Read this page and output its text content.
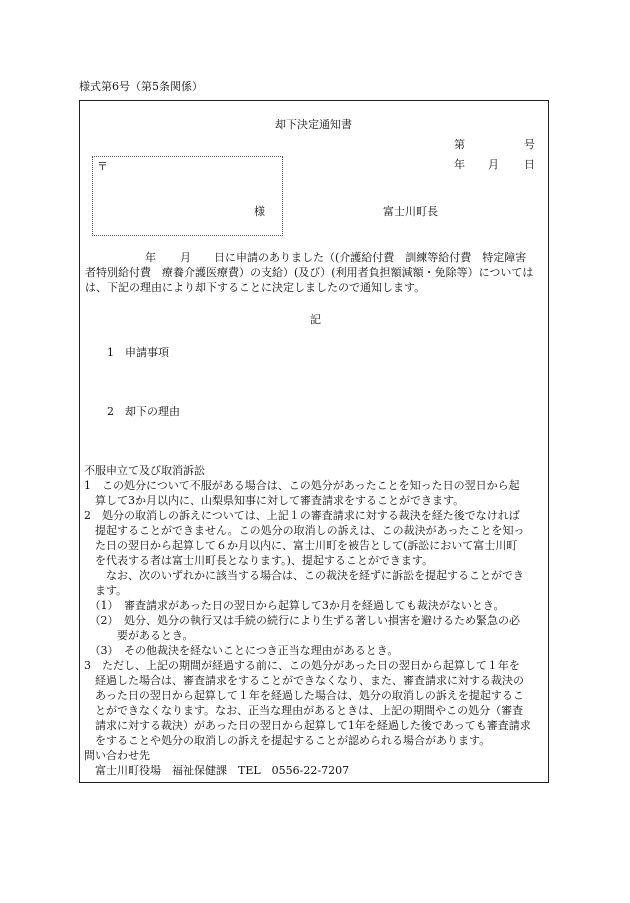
様式第6号（第5条関係）
却下決定通知書
第	号
年 月 日
〒
様	富士川町長
年 月 日に申請のありました（(介護給付費　訓練等給付費　特定障害
者特別給付費　療養介護医療費）の支給）(及び）(利用者負担額減額・免除等）については
は、下記の理由により却下することに決定しましたので通知します。
記
1　申請事項
2　却下の理由
不服申立て及び取消訴訟

1　この処分について不服がある場合は、この処分があったことを知った日の翌日から起

　算して3か月以内に、山梨県知事に対して審査請求をすることができます。

2　処分の取消しの訴えについては、上記１の審査請求に対する裁決を経た後でなければ

　提起することができません。この処分の取消しの訴えは、この裁決があったことを知っ

　た日の翌日から起算して６か月以内に、富士川町を被告として(訴訟において富士川町

　を代表する者は富士川町長となります。)、提起することができます。

　　なお、次のいずれかに該当する場合は、この裁決を経ずに訴訟を提起することができ

　ます。

　（1）　審査請求があった日の翌日から起算して3か月を経過しても裁決がないとき。

　（2）　処分、処分の執行又は手続の続行により生ずる著しい損害を避けるため緊急の必

　　　要があるとき。

　（3）　その他裁決を経ないことにつき正当な理由があるとき。

3　ただし、上記の期間が経過する前に、この処分があった日の翌日から起算して１年を

　経過した場合は、審査請求をすることができなくなり、また、審査請求に対する裁決の

　あった日の翌日から起算して１年を経過した場合は、処分の取消しの訴えを提起するこ

　とができなくなります。なお、正当な理由があるときは、上記の期間やこの処分（審査

　請求に対する裁決）があった日の翌日から起算して1年を経過した後であっても審査請求

　をすることや処分の取消しの訴えを提起することが認められる場合があります。

問い合わせ先

　富士川町役場　福祉保健課　TEL　0556-22-7207
